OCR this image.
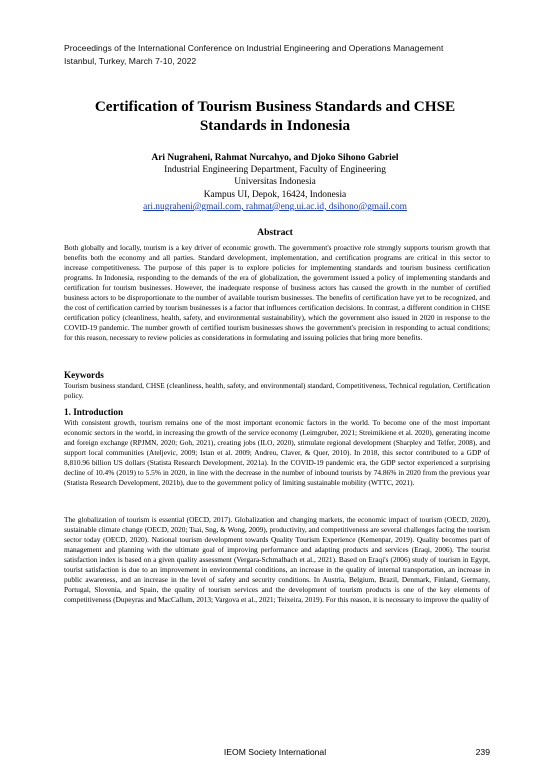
Proceedings of the International Conference on Industrial Engineering and Operations Management
Istanbul, Turkey, March 7-10, 2022
Certification of Tourism Business Standards and CHSE Standards in Indonesia
Ari Nugraheni, Rahmat Nurcahyo, and Djoko Sihono Gabriel
Industrial Engineering Department, Faculty of Engineering
Universitas Indonesia
Kampus UI, Depok, 16424, Indonesia
ari.nugraheni@gmail.com, rahmat@eng.ui.ac.id, dsihono@gmail.com
Abstract
Both globally and locally, tourism is a key driver of economic growth. The government's proactive role strongly supports tourism growth that benefits both the economy and all parties. Standard development, implementation, and certification programs are critical in this sector to increase competitiveness. The purpose of this paper is to explore policies for implementing standards and tourism business certification programs. In Indonesia, responding to the demands of the era of globalization, the government issued a policy of implementing standards and certification for tourism businesses. However, the inadequate response of business actors has caused the growth in the number of certified business actors to be disproportionate to the number of available tourism businesses. The benefits of certification have yet to be recognized, and the cost of certification carried by tourism businesses is a factor that influences certification decisions. In contrast, a different condition in CHSE certification policy (cleanliness, health, safety, and environmental sustainability), which the government also issued in 2020 in response to the COVID-19 pandemic. The number growth of certified tourism businesses shows the government's precision in responding to actual conditions; for this reason, necessary to review policies as considerations in formulating and issuing policies that bring more benefits.
Keywords
Tourism business standard, CHSE (cleanliness, health, safety, and environmental) standard, Competitiveness, Technical regulation, Certification policy.
1. Introduction
With consistent growth, tourism remains one of the most important economic factors in the world. To become one of the most important economic sectors in the world, in increasing the growth of the service economy (Leimgruber, 2021; Streimikiene et al. 2020), generating income and foreign exchange (RPJMN, 2020; Goh, 2021), creating jobs (ILO, 2020), stimulate regional development (Sharpley and Telfer, 2008), and support local communities (Ateljevic, 2009; Istan et al. 2009; Andreu, Claver, & Quer, 2010). In 2018, this sector contributed to a GDP of 8,810.96 billion US dollars (Statista Research Development, 2021a). In the COVID-19 pandemic era, the GDP sector experienced a surprising decline of 10.4% (2019) to 5.5% in 2020, in line with the decrease in the number of inbound tourists by 74.86% in 2020 from the previous year (Statista Research Development, 2021b), due to the government policy of limiting sustainable mobility (WTTC, 2021).
The globalization of tourism is essential (OECD, 2017). Globalization and changing markets, the economic impact of tourism (OECD, 2020), sustainable climate change (OECD, 2020; Tsai, Sng, & Wong, 2009), productivity, and competitiveness are several challenges facing the tourism sector today (OECD, 2020). National tourism development towards Quality Tourism Experience (Kemenpar, 2019). Quality becomes part of management and planning with the ultimate goal of improving performance and adapting products and services (Eraqi, 2006). The tourist satisfaction index is based on a given quality assessment (Vergara-Schmalbach et al., 2021). Based on Eraqi's (2006) study of tourism in Egypt, tourist satisfaction is due to an improvement in environmental conditions, an increase in the quality of internal transportation, an increase in public awareness, and an increase in the level of safety and security conditions. In Austria, Belgium, Brazil, Denmark, Finland, Germany, Portugal, Slovenia, and Spain, the quality of tourism services and the development of tourism products is one of the key elements of competitiveness (Dupeyras and MacCallum, 2013; Vargova et al., 2021; Teixeira, 2019). For this reason, it is necessary to improve the quality of
IEOM Society International	239
